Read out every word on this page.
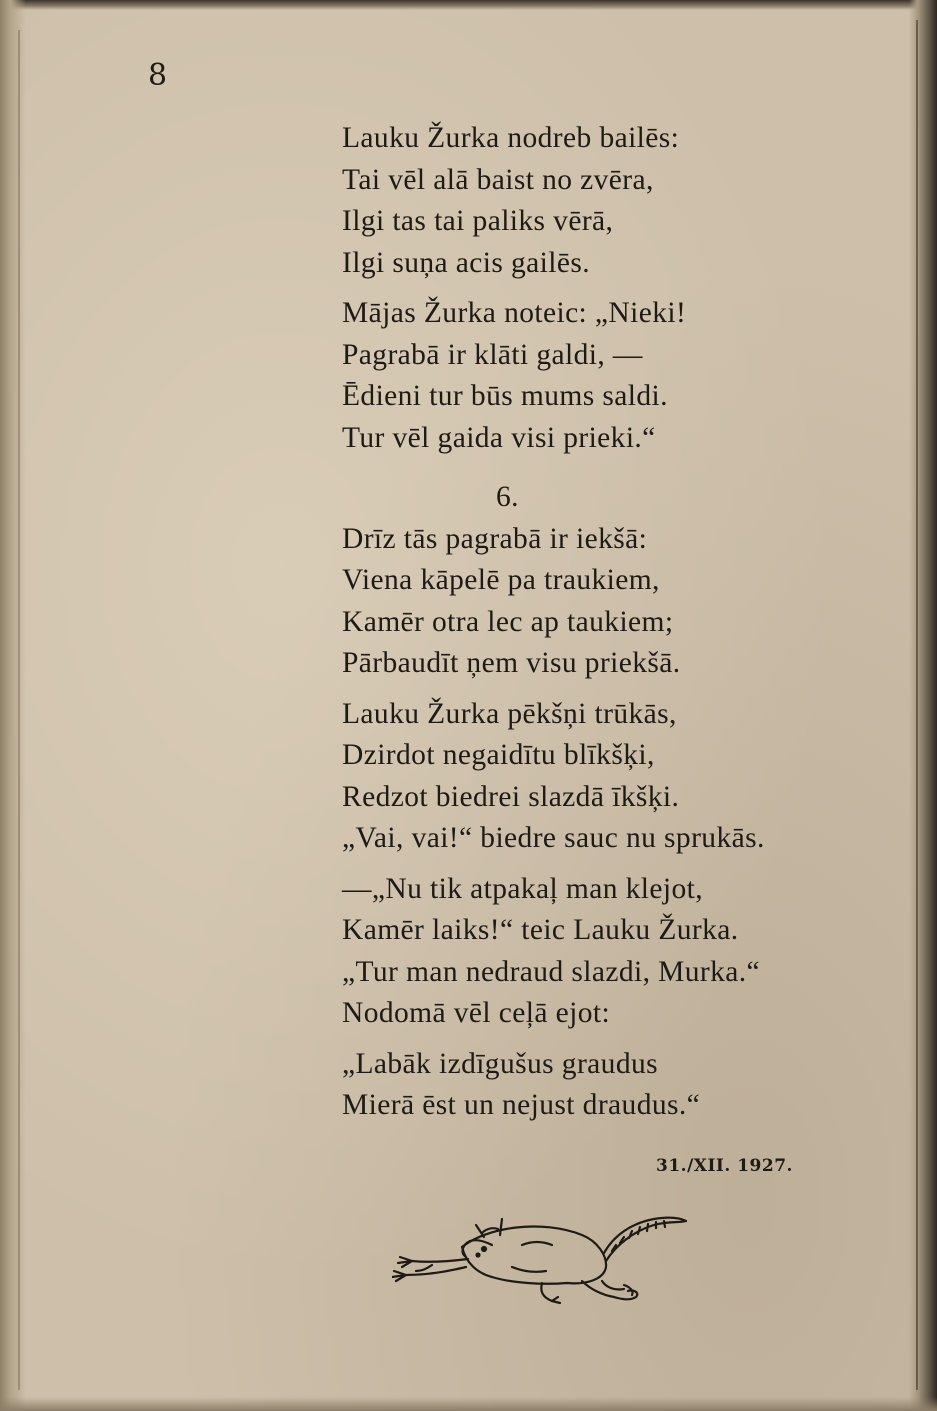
8
Lauku Žurka nodreb bailēs:
Tai vēl alā baist no zvēra,
Ilgi tas tai paliks vērā,
Ilgi suņa acis gailēs.
Mājas Žurka noteic: „Nieki!
Pagrabā ir klāti galdi, —
Ēdieni tur būs mums saldi.
Tur vēl gaida visi prieki.“
6.
Drīz tās pagrabā ir iekšā:
Viena kāpelē pa traukiem,
Kamēr otra lec ap taukiem;
Pārbaudīt ņem visu priekšā.
Lauku Žurka pēkšņi trūkās,
Dzirdot negaidītu blīkšķi,
Redzot biedrei slazdā īkšķi.
„Vai, vai!“ biedre sauc nu sprukās.
—„Nu tik atpakaļ man klejot,
Kamēr laiks!“ teic Lauku Žurka.
„Tur man nedraud slazdi, Murka.“
Nodomā vēl ceļā ejot:
„Labāk izdīgušus graudus
Mierā ēst un nejust draudus.“
31./XII. 1927.
